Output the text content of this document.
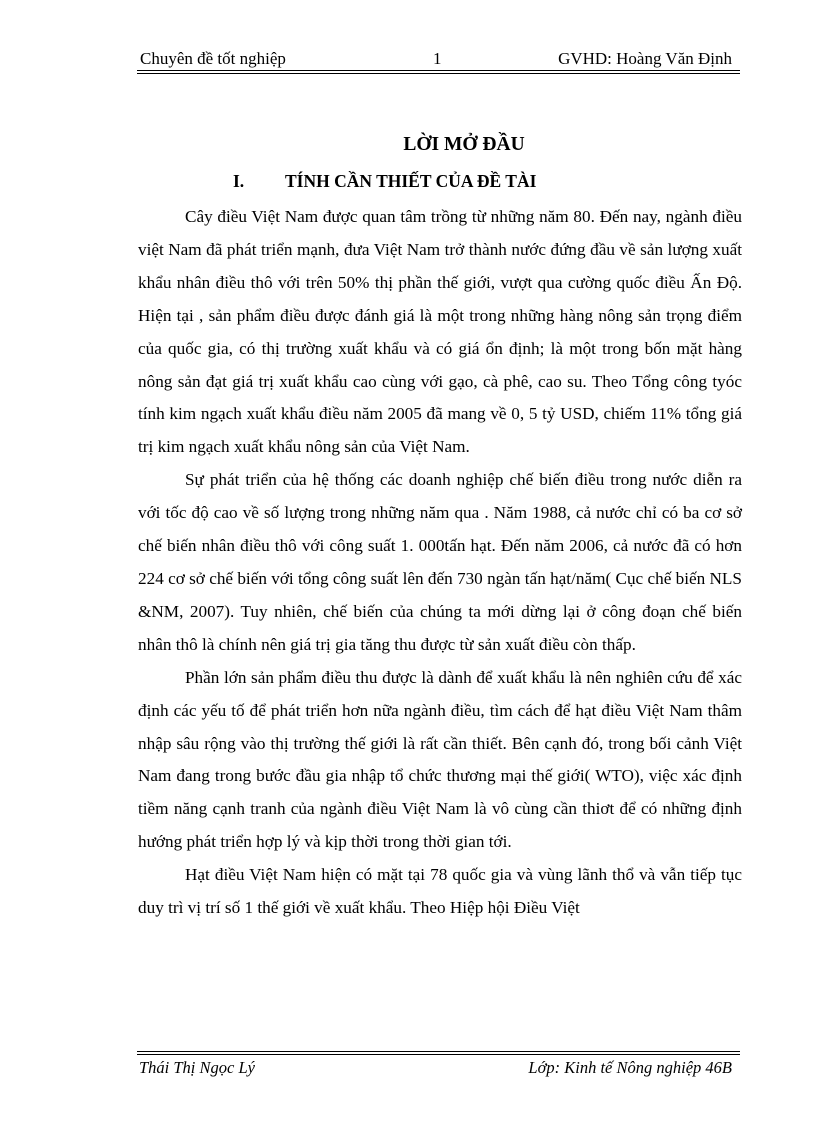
Chuyên đề tốt nghiệp	1	GVHD: Hoàng Văn Định
LỜI MỞ ĐẦU
I. TÍNH CẦN THIẾT CỦA ĐỀ TÀI

Cây điều Việt Nam được quan tâm trồng từ những năm 80. Đến nay, ngành điều việt Nam đã phát triển mạnh, đưa Việt Nam trở thành nước đứng đầu về sản lượng xuất khẩu nhân điều thô với trên 50% thị phần thế giới, vượt qua cường quốc điều Ấn Độ. Hiện tại , sản phẩm điều được đánh giá là một trong những hàng nông sản trọng điểm của quốc gia, có thị trường xuất khẩu và có giá ổn định; là một trong bốn mặt hàng nông sản đạt giá trị xuất khẩu cao cùng với gạo, cà phê, cao su. Theo Tổng công tyóc tính kim ngạch xuất khẩu điều năm 2005 đã mang về 0, 5 tỷ USD, chiếm 11% tổng giá trị kim ngạch xuất khẩu nông sản của Việt Nam.

Sự phát triển của hệ thống các doanh nghiệp chế biến điều trong nước diễn ra với tốc độ cao về số lượng trong những năm qua . Năm 1988, cả nước chỉ có ba cơ sở chế biến nhân điều thô với công suất 1. 000tấn hạt. Đến năm 2006, cả nước đã có hơn 224 cơ sở chế biến với tổng công suất lên đến 730 ngàn tấn hạt/năm( Cục chế biến NLS &NM, 2007). Tuy nhiên, chế biến của chúng ta mới dừng lại ở công đoạn chế biến nhân thô là chính nên giá trị gia tăng thu được từ sản xuất điều còn thấp.

Phần lớn sản phẩm điều thu được là dành để xuất khẩu là nên nghiên cứu để xác định các yếu tố để phát triển hơn nữa ngành điều, tìm cách để hạt điều Việt Nam thâm nhập sâu rộng vào thị trường thế giới là rất cần thiết. Bên cạnh đó, trong bối cảnh Việt Nam đang trong bước đầu gia nhập tổ chức thương mại thế giới( WTO), việc xác định tiềm năng cạnh tranh của ngành điều Việt Nam là vô cùng cần thiơt để có những định hướng phát triển hợp lý và kịp thời trong thời gian tới.

Hạt điều Việt Nam hiện có mặt tại 78 quốc gia và vùng lãnh thổ và vẫn tiếp tục duy trì vị trí số 1 thế giới về xuất khẩu. Theo Hiệp hội Điều Việt

Thái Thị Ngọc Lý	Lớp: Kinh tế Nông nghiệp 46B
